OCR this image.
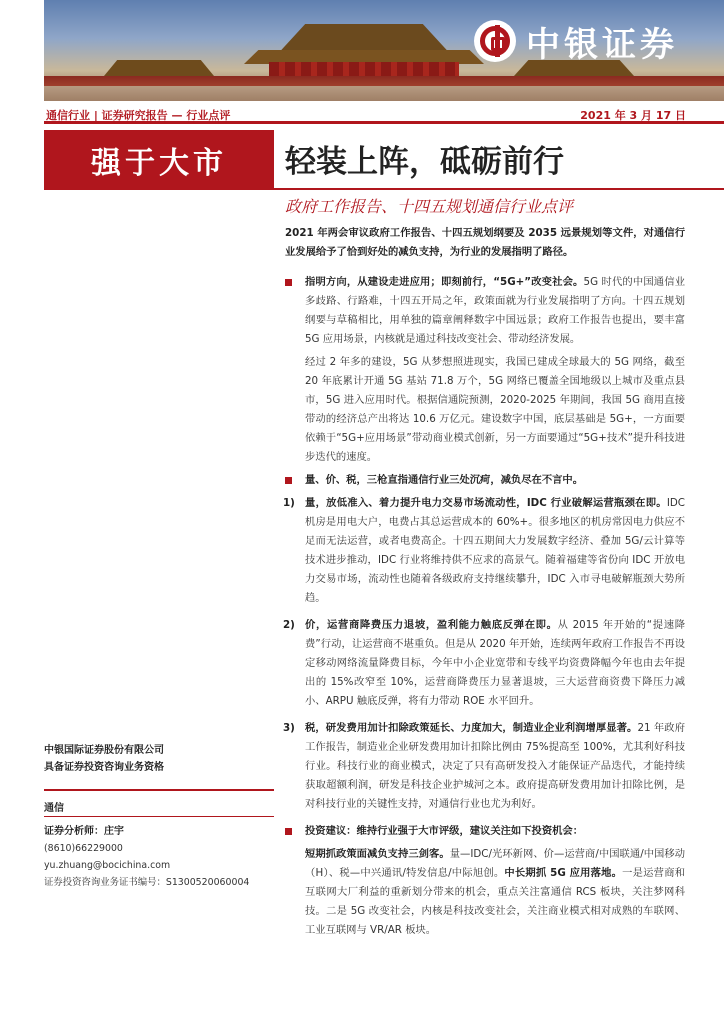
中银证券
通信行业 | 证券研究报告 — 行业点评	2021 年 3 月 17 日
强于大市	轻装上阵，砥砺前行
政府工作报告、十四五规划通信行业点评

2021 年两会审议政府工作报告、十四五规划纲要及 2035 远景规划等文件，对通信行业发展给予了恰到好处的减负支持，为行业的发展指明了路径。

指明方向，从建设走进应用；即刻前行，“5G+”改变社会。5G 时代的中国通信业多歧路、行路难，十四五开局之年，政策面就为行业发展指明了方向。十四五规划纲要与草稿相比，用单独的篇章阐释数字中国远景；政府工作报告也提出，要丰富 5G 应用场景，内核就是通过科技改变社会、带动经济发展。

经过 2 年多的建设，5G 从梦想照进现实，我国已建成全球最大的 5G 网络，截至 20 年底累计开通 5G 基站 71.8 万个，5G 网络已覆盖全国地级以上城市及重点县市，5G 进入应用时代。根据信通院预测，2020-2025 年期间，我国 5G 商用直接带动的经济总产出将达 10.6 万亿元。建设数字中国，底层基础是 5G+，一方面要依赖于“5G+应用场景”带动商业模式创新，另一方面要通过“5G+技术”提升科技进步迭代的速度。

量、价、税，三枪直指通信行业三处沉疴，减负尽在不言中。
1) 量，放低准入、着力提升电力交易市场流动性，IDC 行业破解运营瓶颈在即。IDC 机房是用电大户，电费占其总运营成本的 60%+。很多地区的机房常因电力供应不足而无法运营，或者电费高企。十四五期间大力发展数字经济、叠加 5G/云计算等技术进步推动，IDC 行业将维持供不应求的高景气。随着福建等省份向 IDC 开放电力交易市场，流动性也随着各级政府支持继续攀升，IDC 入市寻电破解瓶颈大势所趋。
2) 价，运营商降费压力退坡，盈利能力触底反弹在即。从 2015 年开始的“提速降费”行动，让运营商不堪重负。但是从 2020 年开始，连续两年政府工作报告不再设定移动网络流量降费目标，今年中小企业宽带和专线平均资费降幅今年也由去年提出的 15%改窄至 10%，运营商降费压力显著退坡，三大运营商资费下降压力减小、ARPU 触底反弹，将有力带动 ROE 水平回升。
3) 税，研发费用加计扣除政策延长、力度加大，制造业企业利润增厚显著。21 年政府工作报告，制造业企业研发费用加计扣除比例由 75%提高至 100%，尤其利好科技行业。科技行业的商业模式，决定了只有高研发投入才能保证产品迭代，才能持续获取超额利润，研发是科技企业护城河之本。政府提高研发费用加计扣除比例，是对科技行业的关键性支持，对通信行业也尤为利好。
投资建议：维持行业强于大市评级，建议关注如下投资机会：

短期抓政策面减负支持三剑客。量—IDC/光环新网、价—运营商/中国联通/中国移动（H）、税—中兴通讯/特发信息/中际旭创。中长期抓 5G 应用落地。一是运营商和互联网大厂利益的重新划分带来的机会，重点关注富通信 RCS 板块，关注梦网科技。二是 5G 改变社会，内核是科技改变社会，关注商业模式相对成熟的车联网、工业互联网与 VR/AR 板块。

中银国际证券股份有限公司
具备证券投资咨询业务资格
通信
证券分析师：庄宇
(8610)66229000
yu.zhuang@bocichina.com
证券投资咨询业务证书编号：S1300520060004
